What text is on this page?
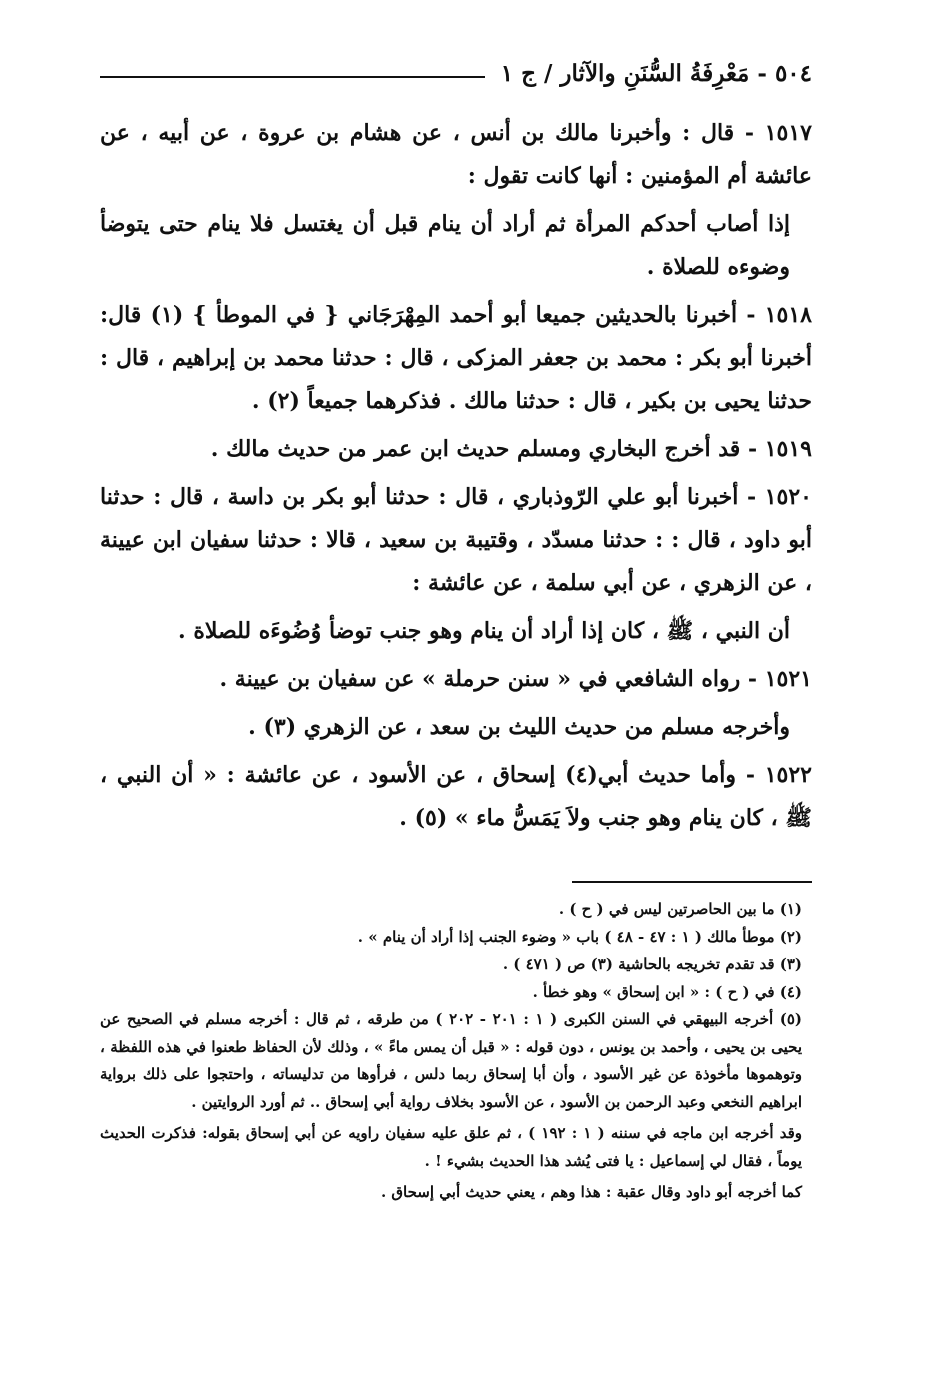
٥٠٤ - مَعْرِفَةُ السُّنَنِ والآثار / ج ١

١٥١٧ - قال : وأخبرنا مالك بن أنس ، عن هشام بن عروة ، عن أبيه ، عن عائشة أم المؤمنين : أنها كانت تقول :

إذا أصاب أحدكم المرأة ثم أراد أن ينام قبل أن يغتسل فلا ينام حتى يتوضأ وضوءه للصلاة .

١٥١٨ - أخبرنا بالحديثين جميعا أبو أحمد المِهْرَجَاني { في الموطأ } (١) قال: أخبرنا أبو بكر : محمد بن جعفر المزكى ، قال : حدثنا محمد بن إبراهيم ، قال : حدثنا يحيى بن بكير ، قال : حدثنا مالك . فذكرهما جميعاً (٢) .

١٥١٩ - قد أخرج البخاري ومسلم حديث ابن عمر من حديث مالك .

١٥٢٠ - أخبرنا أبو علي الرّوذباري ، قال : حدثنا أبو بكر بن داسة ، قال : حدثنا أبو داود ، قال : : حدثنا مسدّد ، وقتيبة بن سعيد ، قالا : حدثنا سفيان ابن عيينة ، عن الزهري ، عن أبي سلمة ، عن عائشة :

أن النبي ، ﷺ ، كان إذا أراد أن ينام وهو جنب توضأ وُضُوءَه للصلاة .

١٥٢١ - رواه الشافعي في « سنن حرملة » عن سفيان بن عيينة .

وأخرجه مسلم من حديث الليث بن سعد ، عن الزهري (٣) .

١٥٢٢ - وأما حديث أبي(٤) إسحاق ، عن الأسود ، عن عائشة : « أن النبي ، ﷺ ، كان ينام وهو جنب ولاَ يَمَسُّ ماء » (٥) .

(١) ما بين الحاصرتين ليس في ( ح ) .

(٢) موطأ مالك ( ١ : ٤٧ - ٤٨ ) باب « وضوء الجنب إذا أراد أن ينام » .

(٣) قد تقدم تخريجه بالحاشية (٣) ص ( ٤٧١ ) .

(٤) في ( ح ) : « ابن إسحاق » وهو خطأ .

(٥) أخرجه البيهقي في السنن الكبرى ( ١ : ٢٠١ - ٢٠٢ ) من طرقه ، ثم قال : أخرجه مسلم في الصحيح عن يحيى بن يحيى ، وأحمد بن يونس ، دون قوله : « قبل أن يمس ماءً » ، وذلك لأن الحفاظ طعنوا في هذه اللفظة ، وتوهموها مأخوذة عن غير الأسود ، وأن أبا إسحاق ربما دلس ، فرأوها من تدليساته ، واحتجوا على ذلك برواية ابراهيم النخعي وعبد الرحمن بن الأسود ، عن الأسود بخلاف رواية أبي إسحاق .. ثم أورد الروايتين .

وقد أخرجه ابن ماجه في سننه ( ١ : ١٩٢ ) ، ثم علق عليه سفيان راويه عن أبي إسحاق بقوله: فذكرت الحديث يوماً ، فقال لي إسماعيل : يا فتى يُشد هذا الحديث بشيء ! .

كما أخرجه أبو داود وقال عقبة : هذا وهم ، يعني حديث أبي إسحاق .
